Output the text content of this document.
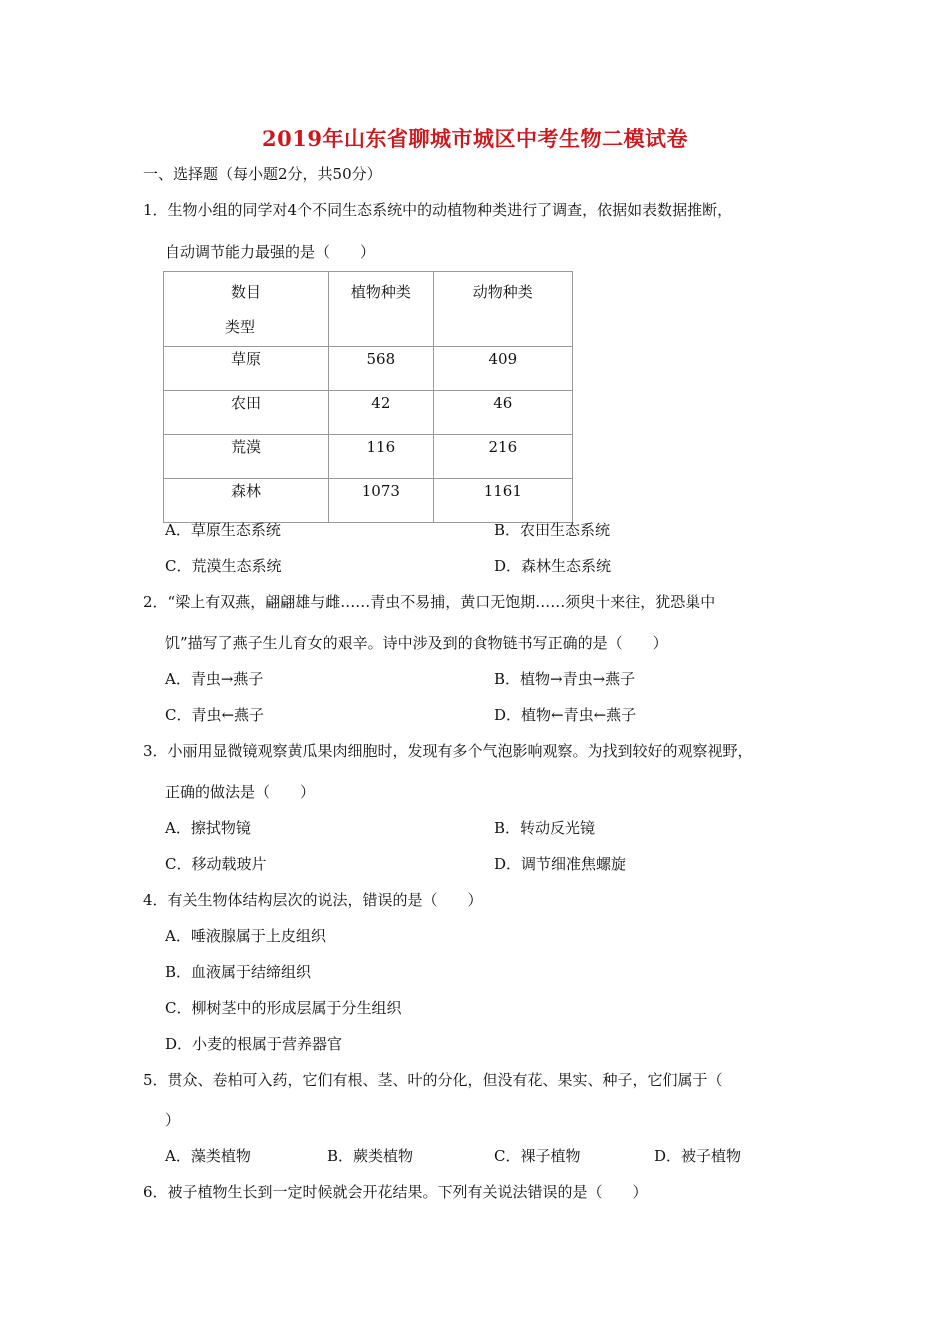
2019年山东省聊城市城区中考生物二模试卷
一、选择题（每小题2分，共50分）
1．生物小组的同学对4个不同生态系统中的动植物种类进行了调查，依据如表数据推断，
自动调节能力最强的是（　　）
数目
类型	植物种类	动物种类

草原	568	409
农田	42	46
荒漠	116	216
森林	1073	1161
A．草原生态系统	B．农田生态系统
C．荒漠生态系统	D．森林生态系统
2．“梁上有双燕，翩翩雄与雌……青虫不易捕，黄口无饱期……须臾十来往，犹恐巢中
饥”描写了燕子生儿育女的艰辛。诗中涉及到的食物链书写正确的是（　　）
A．青虫→燕子	B．植物→青虫→燕子
C．青虫←燕子	D．植物←青虫←燕子
3．小丽用显微镜观察黄瓜果肉细胞时，发现有多个气泡影响观察。为找到较好的观察视野，
正确的做法是（　　）
A．擦拭物镜	B．转动反光镜
C．移动载玻片	D．调节细准焦螺旋
4．有关生物体结构层次的说法，错误的是（　　）
A．唾液腺属于上皮组织
B．血液属于结缔组织
C．柳树茎中的形成层属于分生组织
D．小麦的根属于营养器官
5．贯众、卷柏可入药，它们有根、茎、叶的分化，但没有花、果实、种子，它们属于（
）
A．藻类植物	B．蕨类植物	C．裸子植物	D．被子植物
6．被子植物生长到一定时候就会开花结果。下列有关说法错误的是（　　）
